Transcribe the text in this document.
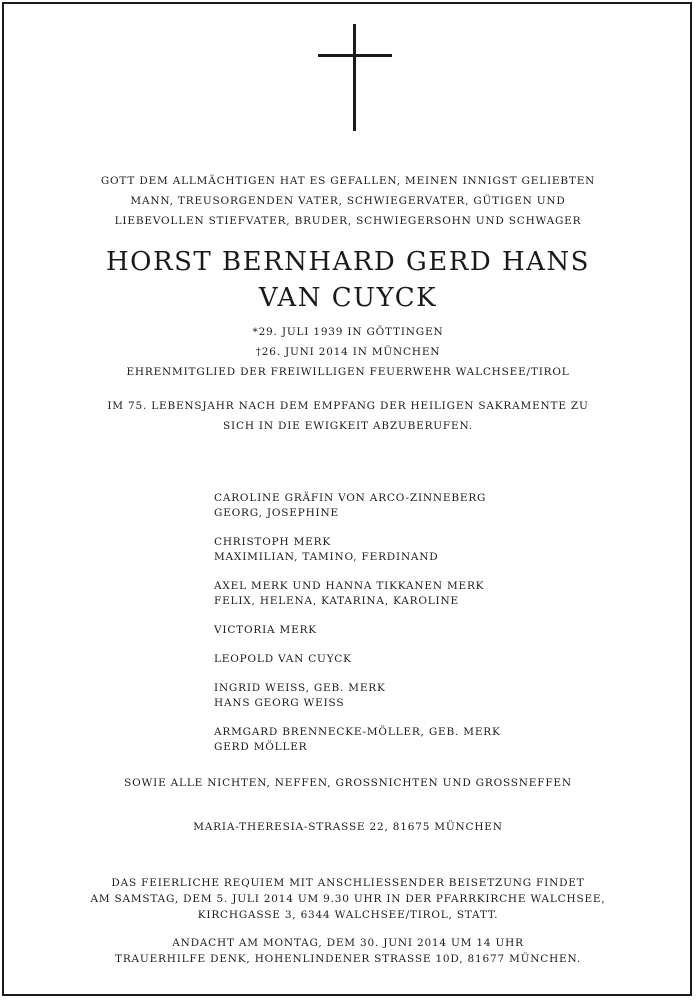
GOTT DEM ALLMÄCHTIGEN HAT ES GEFALLEN, MEINEN INNIGST GELIEBTEN
MANN, TREUSORGENDEN VATER, SCHWIEGERVATER, GÜTIGEN UND
LIEBEVOLLEN STIEFVATER, BRUDER, SCHWIEGERSOHN UND SCHWAGER
HORST BERNHARD GERD HANS
VAN CUYCK
*29. JULI 1939 IN GÖTTINGEN
†26. JUNI 2014 IN MÜNCHEN
EHRENMITGLIED DER FREIWILLIGEN FEUERWEHR WALCHSEE/TIROL
IM 75. LEBENSJAHR NACH DEM EMPFANG DER HEILIGEN SAKRAMENTE ZU
SICH IN DIE EWIGKEIT ABZUBERUFEN.
CAROLINE GRÄFIN VON ARCO-ZINNEBERG
GEORG, JOSEPHINE
CHRISTOPH MERK
MAXIMILIAN, TAMINO, FERDINAND
AXEL MERK UND HANNA TIKKANEN MERK
FELIX, HELENA, KATARINA, KAROLINE
VICTORIA MERK
LEOPOLD VAN CUYCK
INGRID WEISS, GEB. MERK
HANS GEORG WEISS
ARMGARD BRENNECKE-MÖLLER, GEB. MERK
GERD MÖLLER
SOWIE ALLE NICHTEN, NEFFEN, GROSSNICHTEN UND GROSSNEFFEN
MARIA-THERESIA-STRASSE 22, 81675 MÜNCHEN
DAS FEIERLICHE REQUIEM MIT ANSCHLIESSENDER BEISETZUNG FINDET
AM SAMSTAG, DEM 5. JULI 2014 UM 9.30 UHR IN DER PFARRKIRCHE WALCHSEE,
KIRCHGASSE 3, 6344 WALCHSEE/TIROL, STATT.
ANDACHT AM MONTAG, DEM 30. JUNI 2014 UM 14 UHR
TRAUERHILFE DENK, HOHENLINDENER STRASSE 10D, 81677 MÜNCHEN.
